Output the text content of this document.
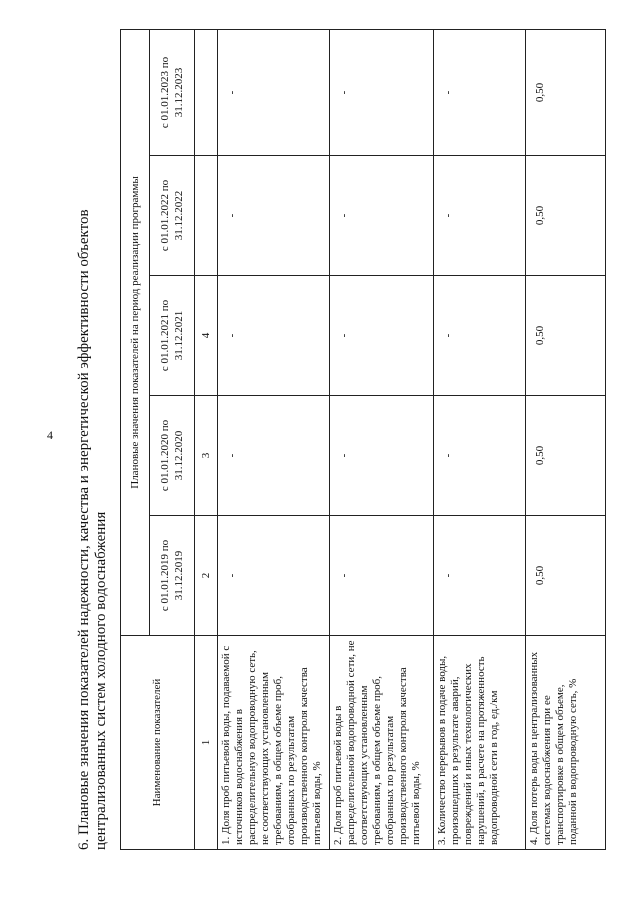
4 6. Плановые значения показателей надежности, качества и энергетической эффективности объектов централизованных систем холодного водоснабжения	Наименование показателей	Плановые значения показателей на период реализации программы				
	с 01.01.2019 по 31.12.2019	с 01.01.2020 по 31.12.2020	с 01.01.2021 по 31.12.2021	с 01.01.2022 по 31.12.2022	с 01.01.2023 по 31.12.2023
1	2	3	4		
1. Доля проб питьевой воды, подаваемой с источников водоснабжения в распределительную водопроводную сеть, не соответствующих установленным требованиям, в общем объеме проб, отобранных по результатам производственного контроля качества питьевой воды, %	-	-	-	-	-
2. Доля проб питьевой воды в распределительной водопроводной сети, не соответствующих установленным требованиям, в общем объеме проб, отобранных по результатам производственного контроля качества питьевой воды, %	-	-	-	-	-
3. Количество перерывов в подаче воды, произошедших в результате аварий, повреждений и иных технологических нарушений, в расчете на протяженность водопроводной сети в год, ед./км	-	-	-	-	-
4. Доля потерь воды в централизованных системах водоснабжения при ее транспортировке в общем объеме, поданной в водопроводную сеть, %	0,50	0,50	0,50	0,50	0,50
